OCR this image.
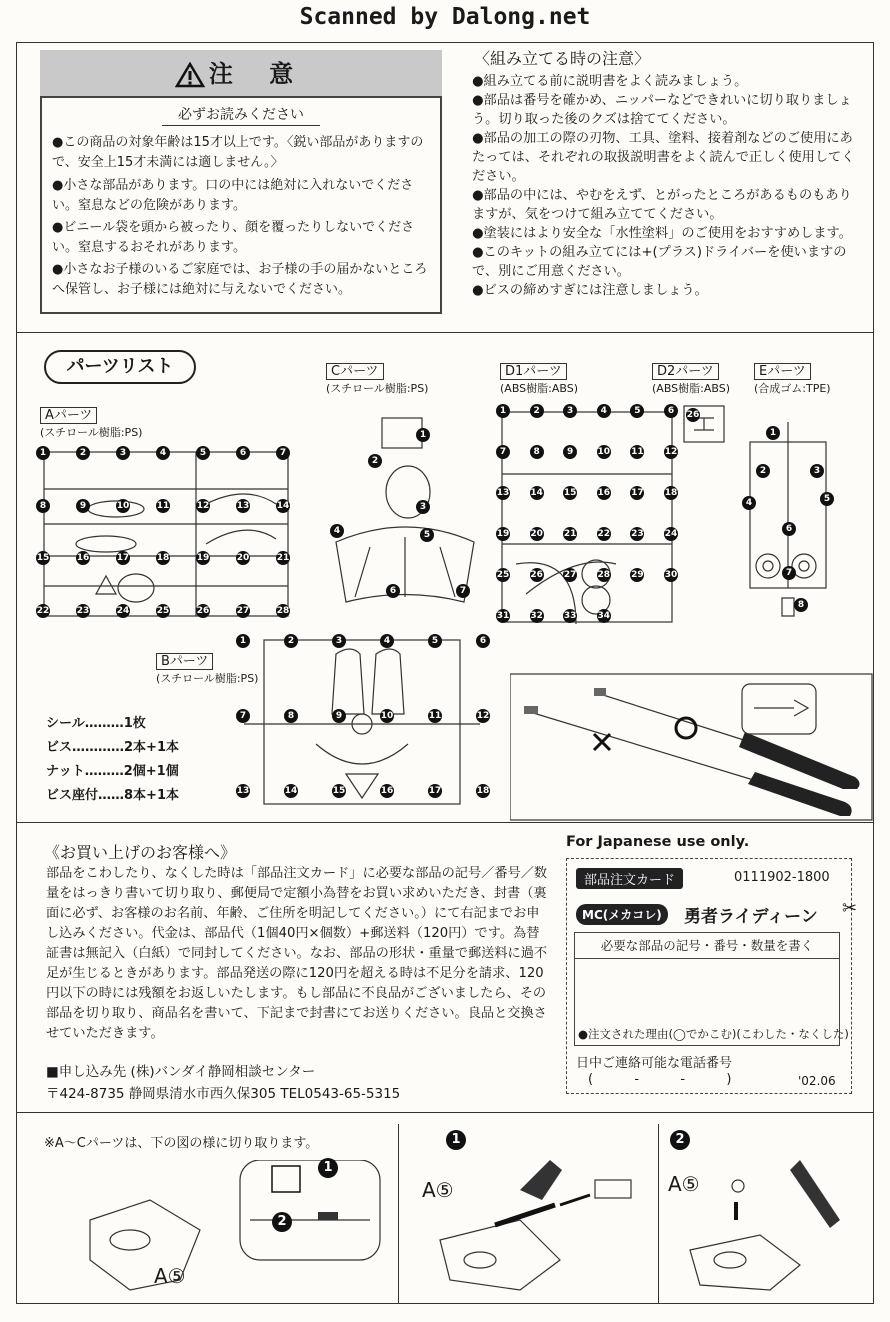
Scanned by Dalong.net
注 意
必ずお読みください
●この商品の対象年齢は15才以上です。〈鋭い部品がありますので、安全上15才未満には適しません。〉
●小さな部品があります。口の中には絶対に入れないでください。窒息などの危険があります。
●ビニール袋を頭から被ったり、顔を覆ったりしないでください。窒息するおそれがあります。
●小さなお子様のいるご家庭では、お子様の手の届かないところへ保管し、お子様には絶対に与えないでください。
〈組み立てる時の注意〉
●組み立てる前に説明書をよく読みましょう。
●部品は番号を確かめ、ニッパーなどできれいに切り取りましょう。切り取った後のクズは捨ててください。
●部品の加工の際の刃物、工具、塗料、接着剤などのご使用にあたっては、それぞれの取扱説明書をよく読んで正しく使用してください。
●部品の中には、やむをえず、とがったところがあるものもありますが、気をつけて組み立ててください。
●塗装にはより安全な「水性塗料」のご使用をおすすめします。
●このキットの組み立てには+(プラス)ドライバーを使いますので、別にご用意ください。
●ビスの締めすぎには注意しましょう。
パーツリスト
Aパーツ
(スチロール樹脂:PS)
Cパーツ
(スチロール樹脂:PS)
D1パーツ
(ABS樹脂:ABS)
D2パーツ
(ABS樹脂:ABS)
Eパーツ
(合成ゴム:TPE)
Bパーツ
(スチロール樹脂:PS)
1	2	3	4	5	6	7
8	9	10	11	12	13	14
15	16	17	18	19	20	21
22	23	24	25	26	27	28
1
2
3
4	5
6	7
1	2	3	4	5	6
7	8	9	10 11 12
13 14 15 16 17 18
19 20 21 22 23 24
25 26 27 28 29 30
31 32 33 34
26
1
2	3
4	5
6
7
8
1	2	3	4	5	6
7	8	9	10	11	12
13	14	15	16	17	18
シール………1枚
ビス…………2本+1本
ナット………2個+1個
ビス座付……8本+1本
《お買い上げのお客様へ》
部品をこわしたり、なくした時は「部品注文カード」に必要な部品の記号／番号／数量をはっきり書いて切り取り、郵便局で定額小為替をお買い求めいただき、封書（裏面に必ず、お客様のお名前、年齢、ご住所を明記してください。）にて右記までお申し込みください。代金は、部品代（1個40円×個数）+郵送料（120円）です。為替証書は無記入（白紙）で同封してください。なお、部品の形状・重量で郵送料に過不足が生じるときがあります。部品発送の際に120円を超える時は不足分を請求、120円以下の時には残額をお返しいたします。もし部品に不良品がございましたら、その部品を切り取り、商品名を書いて、下記まで封書にてお送りください。良品と交換させていただきます。
■申し込み先 (株)バンダイ静岡相談センター
〒424-8735 静岡県清水市西久保305 TEL0543-65-5315
For Japanese use only.
部品注文カード	0111902-1800
MC(メカコレ)	勇者ライディーン ✂
必要な部品の記号・番号・数量を書く
●注文された理由(◯でかこむ)(こわした・なくした)
日中ご連絡可能な電話番号
(          -          -          )	'02.06
※A～Cパーツは、下の図の様に切り取ります。
1
2
A⑤
1
A⑤
2
A⑤
